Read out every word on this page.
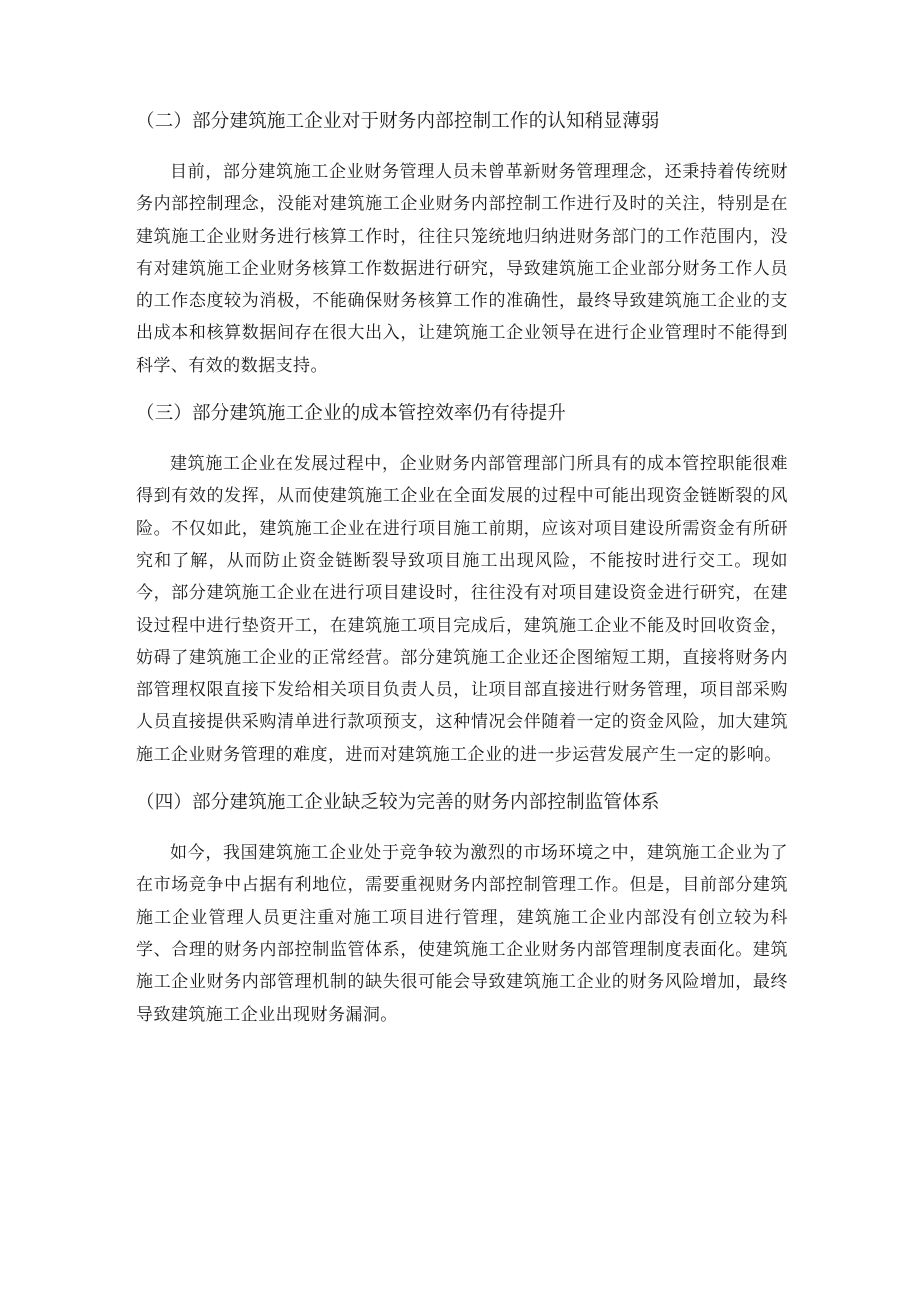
（二）部分建筑施工企业对于财务内部控制工作的认知稍显薄弱

目前，部分建筑施工企业财务管理人员未曾革新财务管理理念，还秉持着传统财务内部控制理念，没能对建筑施工企业财务内部控制工作进行及时的关注，特别是在建筑施工企业财务进行核算工作时，往往只笼统地归纳进财务部门的工作范围内，没有对建筑施工企业财务核算工作数据进行研究，导致建筑施工企业部分财务工作人员的工作态度较为消极，不能确保财务核算工作的准确性，最终导致建筑施工企业的支出成本和核算数据间存在很大出入，让建筑施工企业领导在进行企业管理时不能得到科学、有效的数据支持。

（三）部分建筑施工企业的成本管控效率仍有待提升

建筑施工企业在发展过程中，企业财务内部管理部门所具有的成本管控职能很难得到有效的发挥，从而使建筑施工企业在全面发展的过程中可能出现资金链断裂的风险。不仅如此，建筑施工企业在进行项目施工前期，应该对项目建设所需资金有所研究和了解，从而防止资金链断裂导致项目施工出现风险，不能按时进行交工。现如今，部分建筑施工企业在进行项目建设时，往往没有对项目建设资金进行研究，在建设过程中进行垫资开工，在建筑施工项目完成后，建筑施工企业不能及时回收资金，妨碍了建筑施工企业的正常经营。部分建筑施工企业还企图缩短工期，直接将财务内部管理权限直接下发给相关项目负责人员，让项目部直接进行财务管理，项目部采购人员直接提供采购清单进行款项预支，这种情况会伴随着一定的资金风险，加大建筑施工企业财务管理的难度，进而对建筑施工企业的进一步运营发展产生一定的影响。

（四）部分建筑施工企业缺乏较为完善的财务内部控制监管体系

如今，我国建筑施工企业处于竞争较为激烈的市场环境之中，建筑施工企业为了在市场竞争中占据有利地位，需要重视财务内部控制管理工作。但是，目前部分建筑施工企业管理人员更注重对施工项目进行管理，建筑施工企业内部没有创立较为科学、合理的财务内部控制监管体系，使建筑施工企业财务内部管理制度表面化。建筑施工企业财务内部管理机制的缺失很可能会导致建筑施工企业的财务风险增加，最终导致建筑施工企业出现财务漏洞。
